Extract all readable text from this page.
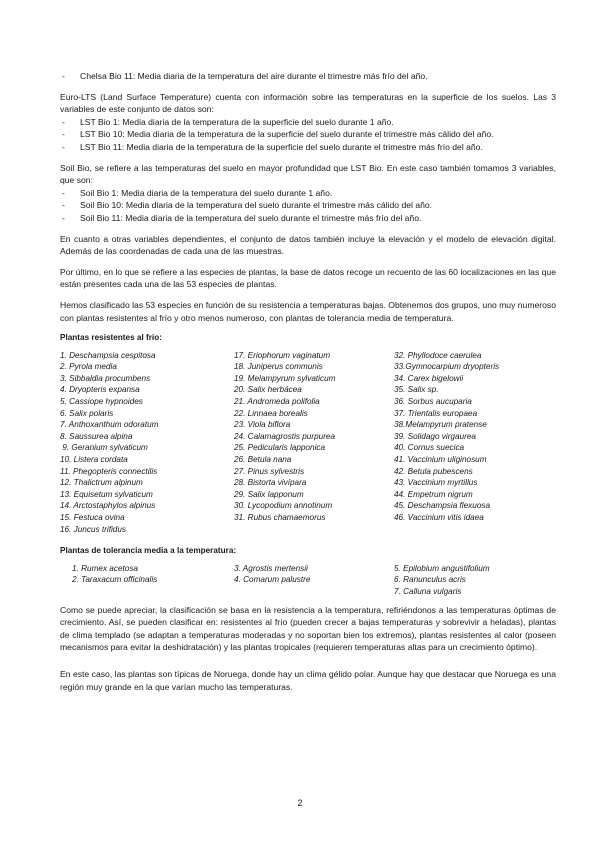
- Chelsa Bio 11: Media diaria de la temperatura del aire durante el trimestre más frío del año.

Euro-LTS (Land Surface Temperature) cuenta con información sobre las temperaturas en la superficie de los suelos. Las 3 variables de este conjunto de datos son:

- LST Bio 1: Media diaria de la temperatura de la superficie del suelo durante 1 año.
- LST Bio 10: Media diaria de la temperatura de la superficie del suelo durante el trimestre más cálido del año.
- LST Bio 11: Media diaria de la temperatura de la superficie del suelo durante el trimestre más frío del año.

Soil Bio, se refiere a las temperaturas del suelo en mayor profundidad que LST Bio. En este caso también tomamos 3 variables, que son:

- Soil Bio 1: Media diaria de la temperatura del suelo durante 1 año.
- Soil Bio 10: Media diaria de la temperatura del suelo durante el trimestre más cálido del año.
- Soil Bio 11: Media diaria de la temperatura del suelo durante el trimestre más frío del año.

En cuanto a otras variables dependientes, el conjunto de datos también incluye la elevación y el modelo de elevación digital. Además de las coordenadas de cada una de las muestras.

Por último, en lo que se refiere a las especies de plantas, la base de datos recoge un recuento de las 60 localizaciones en las que están presentes cada una de las 53 especies de plantas.

Hemos clasificado las 53 especies en función de su resistencia a temperaturas bajas. Obtenemos dos grupos, uno muy numeroso con plantas resistentes al frío y otro menos numeroso, con plantas de tolerancia media de temperatura.

Plantas resistentes al frío:
1. Deschampsia cespitosa
2. Pyrola media
3. Sibbaldia procumbens
4. Dryopteris expansa
5. Cassiope hypnoides
6. Salix polaris
7. Anthoxanthum odoratum
8. Saussurea alpina
9. Geranium sylvaticum
10. Listera cordata
11. Phegopteris connectilis
12. Thalictrum alpinum
13. Equisetum sylvaticum
14. Arctostaphylos alpinus
15. Festuca ovina
16. Juncus trifidus
17. Eriophorum vaginatum
18. Juniperus communis
19. Melampyrum sylvaticum
20. Salix herbácea
21. Andromeda polifolia
22. Linnaea borealis
23. Viola biflora
24. Calamagrostis purpurea
25. Pedicularis lapponica
26. Betula nana
27. Pinus sylvestris
28. Bistorta vivípara
29. Salix lapponum
30. Lycopodium annotinum
31. Rubus chamaemorus
32. Phyllodoce caerulea
33.Gymnocarpium dryopteris
34. Carex bigelowii
35. Salix sp.
36. Sorbus aucuparia
37. Trientalis europaea
38.Melampyrum pratense
39. Solidago virgaurea
40. Cornus suecica
41. Vaccinium uliginosum
42. Betula pubescens
43. Vaccinium myrtillus
44. Empetrum nigrum
45. Deschampsia flexuosa
46. Vaccinium vitis idaea
Plantas de tolerancia media a la temperatura:
1. Rumex acetosa
2. Taraxacum officinalis
3. Agrostis mertensii
4. Comarum palustre
5. Epilobium angustifolium
6. Ranunculus acris
7. Calluna vulgaris

Como se puede apreciar, la clasificación se basa en la resistencia a la temperatura, refiriéndonos a las temperaturas óptimas de crecimiento. Así, se pueden clasificar en: resistentes al frío (pueden crecer a bajas temperaturas y sobrevivir a heladas), plantas de clima templado (se adaptan a temperaturas moderadas y no soportan bien los extremos), plantas resistentes al calor (poseen mecanismos para evitar la deshidratación) y las plantas tropicales (requieren temperaturas altas para un crecimiento óptimo).

En este caso, las plantas son típicas de Noruega, donde hay un clima gélido polar. Aunque hay que destacar que Noruega es una región muy grande en la que varían mucho las temperaturas.

2
